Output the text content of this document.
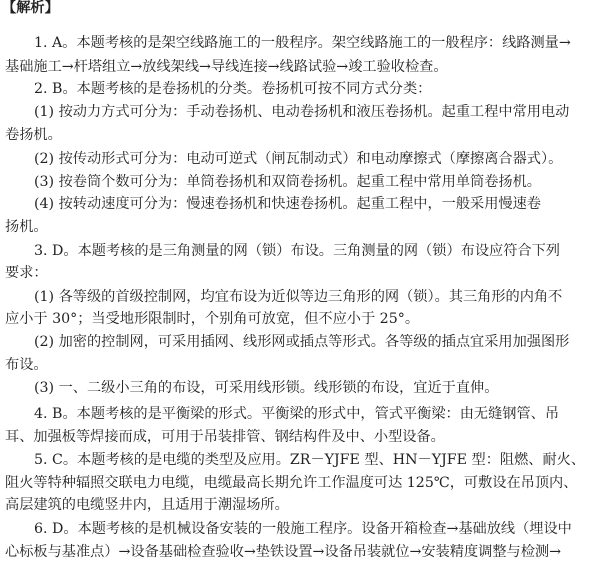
【解析】
1. A。本题考核的是架空线路施工的一般程序。架空线路施工的一般程序：线路测量→
基础施工→杆塔组立→放线架线→导线连接→线路试验→竣工验收检查。
2. B。本题考核的是卷扬机的分类。卷扬机可按不同方式分类：
(1) 按动力方式可分为：手动卷扬机、电动卷扬机和液压卷扬机。起重工程中常用电动
卷扬机。
(2) 按传动形式可分为：电动可逆式（闸瓦制动式）和电动摩擦式（摩擦离合器式）。
(3) 按卷筒个数可分为：单筒卷扬机和双筒卷扬机。起重工程中常用单筒卷扬机。
(4) 按转动速度可分为：慢速卷扬机和快速卷扬机。起重工程中，一般采用慢速卷
扬机。
3. D。本题考核的是三角测量的网（锁）布设。三角测量的网（锁）布设应符合下列
要求：
(1) 各等级的首级控制网，均宜布设为近似等边三角形的网（锁）。其三角形的内角不
应小于 30°；当受地形限制时，个别角可放宽，但不应小于 25°。
(2) 加密的控制网，可采用插网、线形网或插点等形式。各等级的插点宜采用加强图形
布设。
(3) 一、二级小三角的布设，可采用线形锁。线形锁的布设，宜近于直伸。
4. B。本题考核的是平衡梁的形式。平衡梁的形式中，管式平衡梁：由无缝钢管、吊
耳、加强板等焊接而成，可用于吊装排管、钢结构件及中、小型设备。
5. C。本题考核的是电缆的类型及应用。ZR－YJFE 型、HN－YJFE 型：阻燃、耐火、
阻火等特种辐照交联电力电缆，电缆最高长期允许工作温度可达 125℃，可敷设在吊顶内、
高层建筑的电缆竖井内，且适用于潮湿场所。
6. D。本题考核的是机械设备安装的一般施工程序。设备开箱检查→基础放线（埋设中
心标板与基准点）→设备基础检查验收→垫铁设置→设备吊装就位→安装精度调整与检测→
